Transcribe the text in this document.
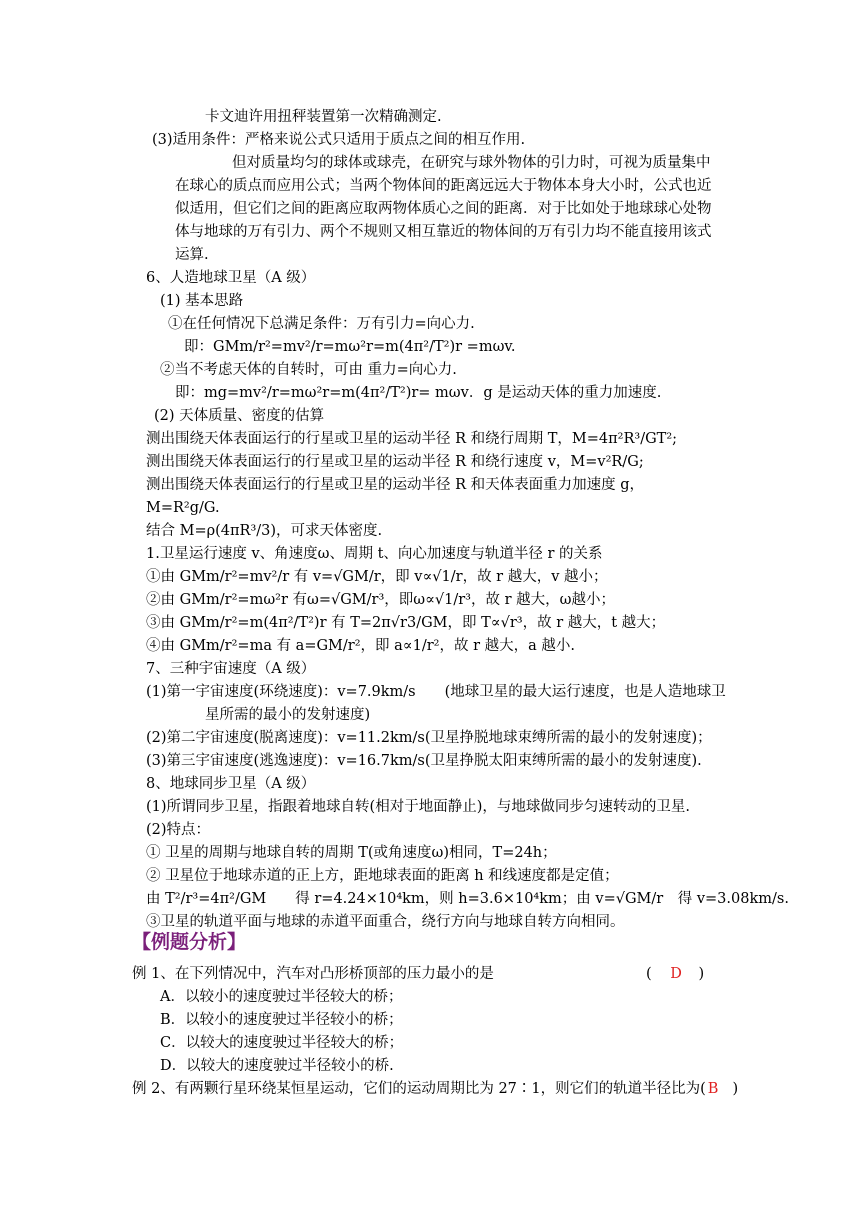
卡文迪许用扭秤装置第一次精确测定.
(3)适用条件：严格来说公式只适用于质点之间的相互作用.
但对质量均匀的球体或球壳，在研究与球外物体的引力时，可视为质量集中
在球心的质点而应用公式；当两个物体间的距离远远大于物体本身大小时，公式也近
似适用，但它们之间的距离应取两物体质心之间的距离．对于比如处于地球球心处物
体与地球的万有引力、两个不规则又相互靠近的物体间的万有引力均不能直接用该式
运算.
6、人造地球卫星（A 级）
(1) 基本思路
①在任何情况下总满足条件：万有引力=向心力.
即：GMm/r²=mv²/r=mω²r=m(4π²/T²)r =mωv.
②当不考虑天体的自转时，可由 重力=向心力.
即：mg=mv²/r=mω²r=m(4π²/T²)r= mωv．g 是运动天体的重力加速度.
(2) 天体质量、密度的估算
测出围绕天体表面运行的行星或卫星的运动半径 R 和绕行周期 T，M=4π²R³/GT²;
测出围绕天体表面运行的行星或卫星的运动半径 R 和绕行速度 v，M=v²R/G;
测出围绕天体表面运行的行星或卫星的运动半径 R 和天体表面重力加速度 g，
M=R²g/G.
结合 M=ρ(4πR³/3)，可求天体密度.
1.卫星运行速度 v、角速度ω、周期 t、向心加速度与轨道半径 r 的关系
①由 GMm/r²=mv²/r 有 v=√GM/r，即 v∝√1/r，故 r 越大，v 越小；
②由 GMm/r²=mω²r 有ω=√GM/r³，即ω∝√1/r³，故 r 越大，ω越小；
③由 GMm/r²=m(4π²/T²)r 有 T=2π√r3/GM，即 T∝√r³，故 r 越大，t 越大；
④由 GMm/r²=ma 有 a=GM/r²，即 a∝1/r²，故 r 越大，a 越小.
7、三种宇宙速度（A 级）
(1)第一宇宙速度(环绕速度)：v=7.9km/s　　(地球卫星的最大运行速度，也是人造地球卫
星所需的最小的发射速度)
(2)第二宇宙速度(脱离速度)：v=11.2km/s(卫星挣脱地球束缚所需的最小的发射速度)；
(3)第三宇宙速度(逃逸速度)：v=16.7km/s(卫星挣脱太阳束缚所需的最小的发射速度).
8、地球同步卫星（A 级）
(1)所谓同步卫星，指跟着地球自转(相对于地面静止)，与地球做同步匀速转动的卫星.
(2)特点：
① 卫星的周期与地球自转的周期 T(或角速度ω)相同，T=24h；
② 卫星位于地球赤道的正上方，距地球表面的距离 h 和线速度都是定值；
由 T²/r³=4π²/GM　　得 r=4.24×10⁴km，则 h=3.6×10⁴km；由 v=√GM/r　得 v=3.08km/s.
③卫星的轨道平面与地球的赤道平面重合，绕行方向与地球自转方向相同。
【例题分析】
例 1、在下列情况中，汽车对凸形桥顶部的压力最小的是	( D )
A．以较小的速度驶过半径较大的桥；
B．以较小的速度驶过半径较小的桥；
C．以较大的速度驶过半径较大的桥；
D．以较大的速度驶过半径较小的桥.
例 2、有两颗行星环绕某恒星运动，它们的运动周期比为 27∶1，则它们的轨道半径比为( B )
